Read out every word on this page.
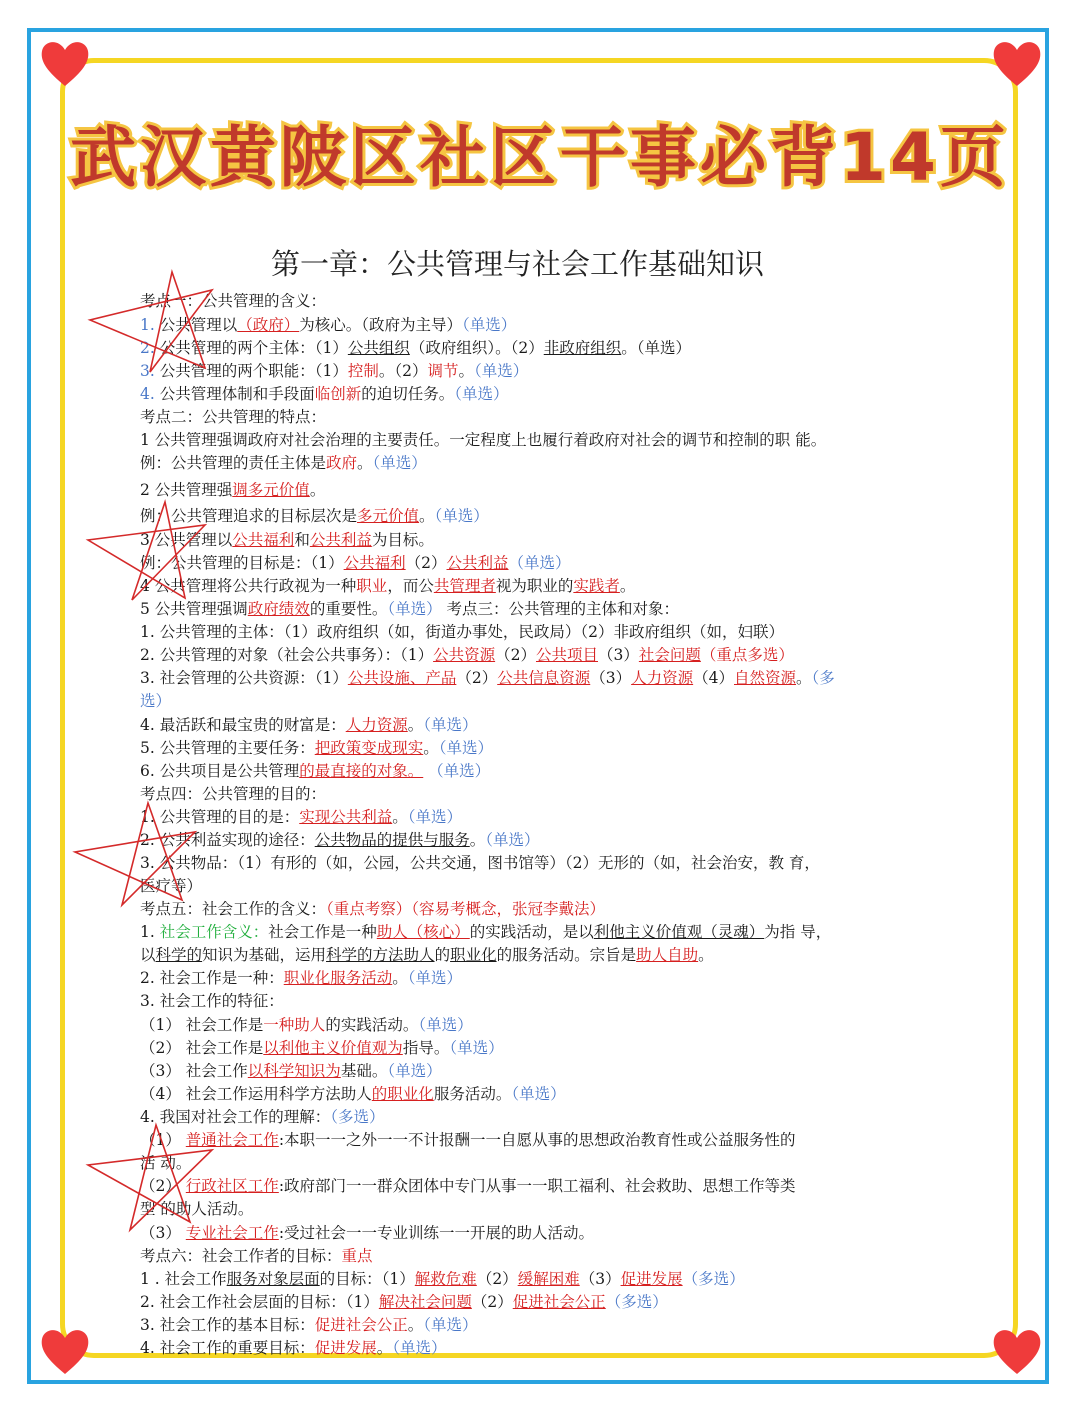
武汉黄陂区社区干事必背14页
第一章：公共管理与社会工作基础知识
考点一：公共管理的含义：
1. 公共管理以（政府）为核心。（政府为主导）（单选）
2. 公共管理的两个主体：（1）公共组织（政府组织）。（2）非政府组织。（单选）
3. 公共管理的两个职能：（1）控制。（2）调节。（单选）
4. 公共管理体制和手段面临创新的迫切任务。（单选）
考点二：公共管理的特点：
1 公共管理强调政府对社会治理的主要责任。一定程度上也履行着政府对社会的调节和控制的职 能。
例：公共管理的责任主体是政府。（单选）
2 公共管理强调多元价值。
例：公共管理追求的目标层次是多元价值。（单选）
3 公共管理以公共福利和公共利益为目标。
例：公共管理的目标是：（1）公共福利（2）公共利益（单选）
4 公共管理将公共行政视为一种职业，而公共管理者视为职业的实践者。
5 公共管理强调政府绩效的重要性。（单选） 考点三：公共管理的主体和对象：
1. 公共管理的主体：（1）政府组织（如，街道办事处，民政局）（2）非政府组织（如，妇联）
2. 公共管理的对象（社会公共事务）：（1）公共资源（2）公共项目（3）社会问题（重点多选）
3. 社会管理的公共资源：（1）公共设施、产品（2）公共信息资源（3）人力资源（4）自然资源。（多
选）
4. 最活跃和最宝贵的财富是：人力资源。（单选）
5. 公共管理的主要任务：把政策变成现实。（单选）
6. 公共项目是公共管理的最直接的对象。 （单选）
考点四：公共管理的目的：
1. 公共管理的目的是：实现公共利益。（单选）
2. 公共利益实现的途径：公共物品的提供与服务。（单选）
3. 公共物品：（1）有形的（如，公园，公共交通，图书馆等）（2）无形的（如，社会治安，教 育，
医疗等）
考点五：社会工作的含义：（重点考察）（容易考概念，张冠李戴法）
1. 社会工作含义：社会工作是一种助人（核心）的实践活动，是以利他主义价值观（灵魂）为指 导，
以科学的知识为基础，运用科学的方法助人的职业化的服务活动。宗旨是助人自助。
2. 社会工作是一种：职业化服务活动。（单选）
3. 社会工作的特征：
（1） 社会工作是一种助人的实践活动。（单选）
（2） 社会工作是以利他主义价值观为指导。（单选）
（3） 社会工作以科学知识为基础。（单选）
（4） 社会工作运用科学方法助人的职业化服务活动。（单选）
4. 我国对社会工作的理解：（多选）
（1） 普通社会工作:本职一一之外一一不计报酬一一自愿从事的思想政治教育性或公益服务性的
活 动。
（2） 行政社区工作:政府部门一一群众团体中专门从事一一职工福利、社会救助、思想工作等类
型 的助人活动。
（3） 专业社会工作:受过社会一一专业训练一一开展的助人活动。
考点六：社会工作者的目标：重点
1 . 社会工作服务对象层面的目标：（1）解救危难（2）缓解困难（3）促进发展（多选）
2. 社会工作社会层面的目标：（1）解决社会问题（2）促进社会公正（多选）
3. 社会工作的基本目标：促进社会公正。（单选）
4. 社会工作的重要目标：促进发展。（单选）
